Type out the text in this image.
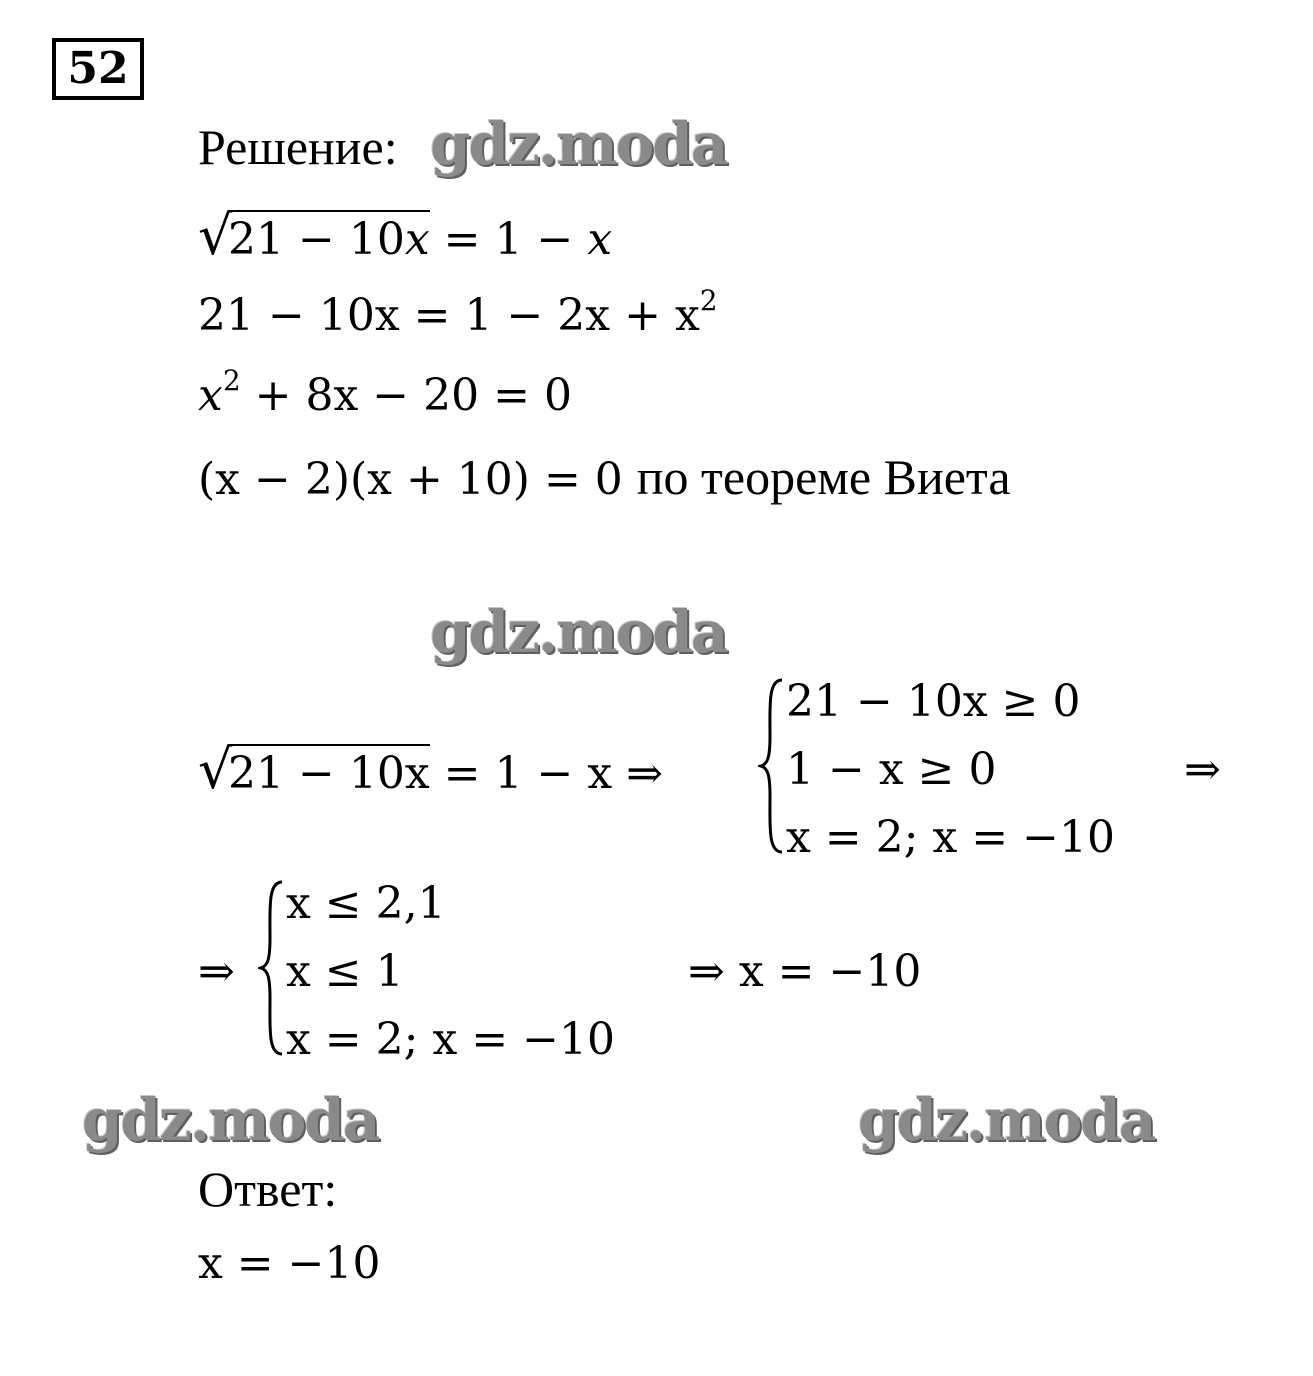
52
Решение: gdz.moda
√
21 − 10x = 1 − x
$21 - 10x = 1 - 2x + x^2$
$x^2 + 8x - 20 = 0$
(x − 2)(x + 10) = 0 по теореме Виета
gdz.moda
√
21 − 10x = 1 − x ⇒
21 − 10x ≥ 0
1 − x ≥ 0
x = 2; x = −10
⇒
⇒
x ≤ 2,1
x ≤ 1
x = 2; x = −10
⇒ x = −10
gdz.moda	gdz.moda
Ответ:
x = −10
